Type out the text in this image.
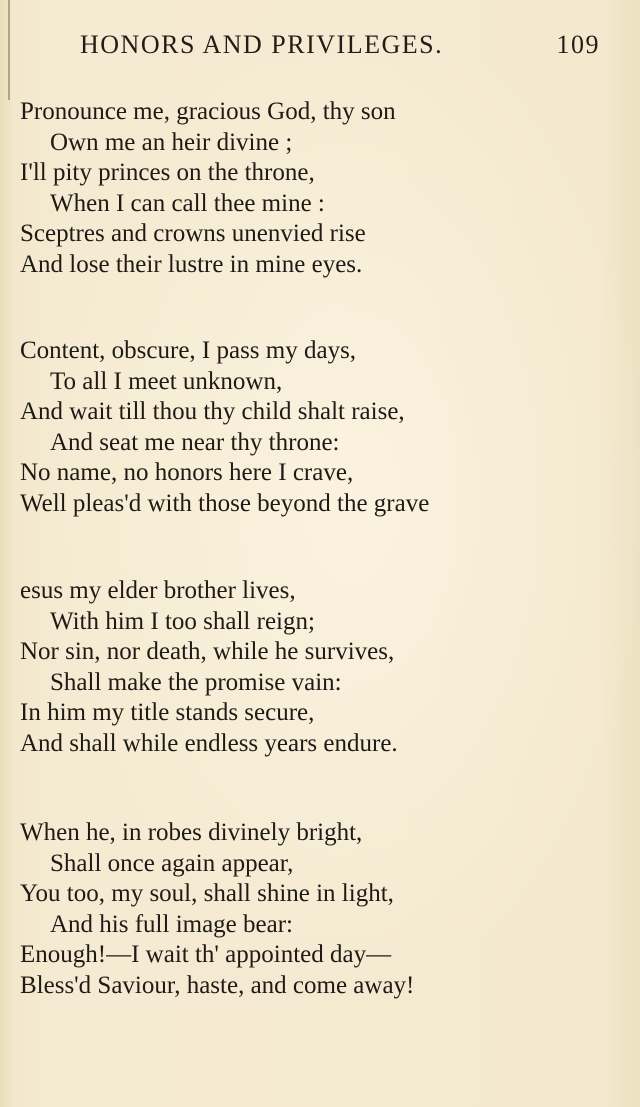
HONORS AND PRIVILEGES.	109
Pronounce me, gracious God, thy son
Own me an heir divine ;
I'll pity princes on the throne,
When I can call thee mine :
Sceptres and crowns unenvied rise
And lose their lustre in mine eyes.
Content, obscure, I pass my days,
To all I meet unknown,
And wait till thou thy child shalt raise,
And seat me near thy throne:
No name, no honors here I crave,
Well pleas'd with those beyond the grave
esus my elder brother lives,
With him I too shall reign;
Nor sin, nor death, while he survives,
Shall make the promise vain:
In him my title stands secure,
And shall while endless years endure.
When he, in robes divinely bright,
Shall once again appear,
You too, my soul, shall shine in light,
And his full image bear:
Enough!—I wait th' appointed day—
Bless'd Saviour, haste, and come away!
